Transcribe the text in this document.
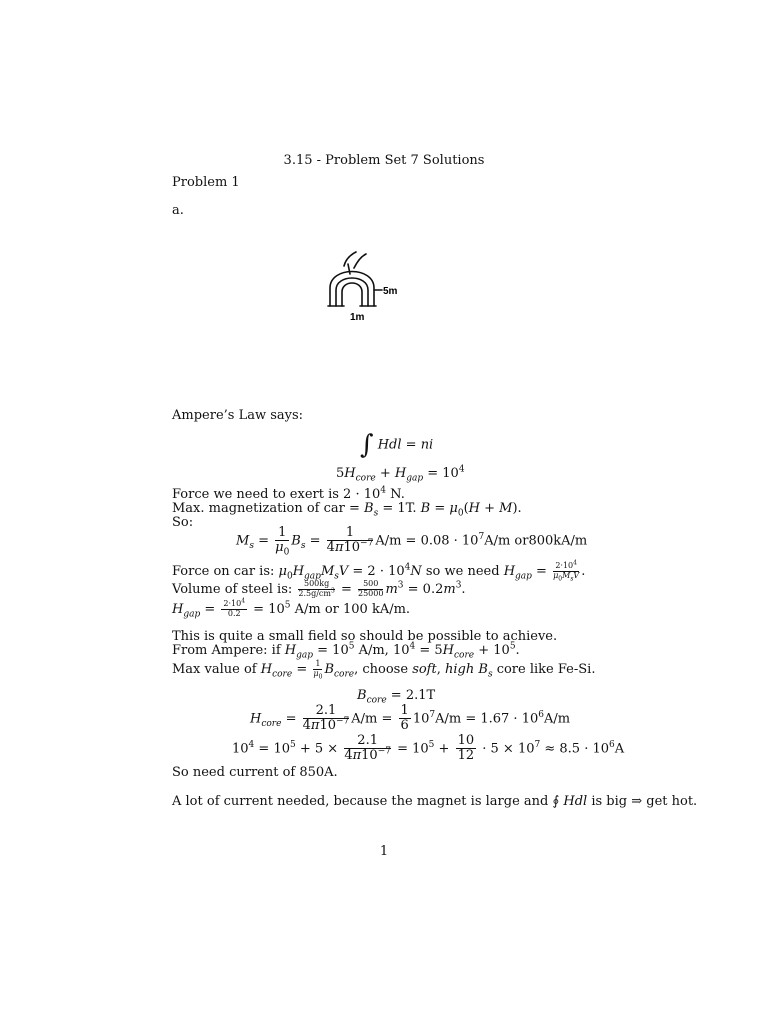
3.15 - Problem Set 7 Solutions
Problem 1
a.
5m
1m
Ampere’s Law says:
∫ Hdl = ni
$5H_{core} + H_{gap} = 10^4$
Force we need to exert is $2 \cdot 10^4$ N.
Max. magnetization of car = $B_s = 1T$. $B = \mu_0(H + M)$.
So:
$M_s = \frac{1}{\mu_0} B_s = \frac{1}{4\pi 10^{-7}} A/m = 0.08 \cdot 10^7A/m$ or800kA/m
Force on car is: $\mu_0H_{gap}M_sV = 2 \cdot 10^4N$ so we need $H_{gap} = \frac{2\cdot 10^4}{\mu_0M_sV}$ .
Volume of steel is: $\frac{500kg}{2.5g/cm^3} = \frac{500}{25000} m^3 = 0.2m^3$.
$H_{gap} = \frac{2\cdot 10^4}{0.2} = 10^5$ A/m or 100 kA/m.
This is quite a small field so should be possible to achieve.
From Ampere: if $H_{gap} = 10^5$ A/m, $10^4 = 5H_{core} + 10^5$.
Max value of $H_{core} = \frac{1}{\mu_0} B_{core}$, choose soft, high $B_s$ core like Fe-Si.
$B_{core} = 2.1T$
$H_{core} = \frac{2.1}{4\pi 10^{-7}} A/m = \frac{1}{6} 10^7A/m = 1.67 \cdot 10^6A/m$
$10^4 = 10^5 + 5 \times \frac{2.1}{4\pi 10^{-7}} = 10^5 + \frac{10}{12} \cdot 5 \times 10^7 \approx 8.5 \cdot 10^6A$
So need current of 850A.
A lot of current needed, because the magnet is large and ∮ Hdl is big ⇒ get hot.
1
